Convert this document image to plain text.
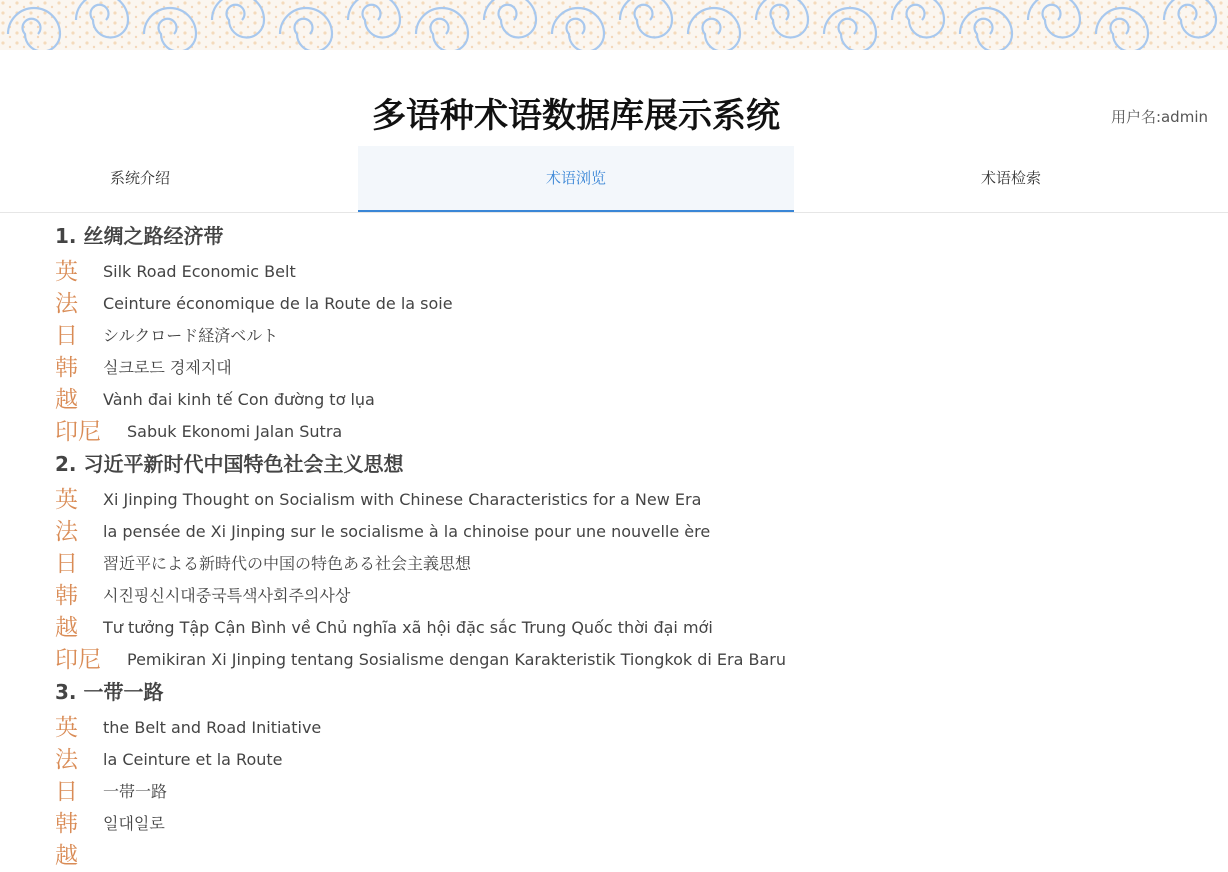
多语种术语数据库展示系统	用户名:admin
系统介绍	术语浏览	术语检索
1. 丝绸之路经济带
英	Silk Road Economic Belt
法	Ceinture économique de la Route de la soie
日	シルクロード経済ベルト
韩	실크로드 경제지대
越	Vành đai kinh tế Con đường tơ lụa
印尼	Sabuk Ekonomi Jalan Sutra
2. 习近平新时代中国特色社会主义思想
英	Xi Jinping Thought on Socialism with Chinese Characteristics for a New Era
法	la pensée de Xi Jinping sur le socialisme à la chinoise pour une nouvelle ère
日	習近平による新時代の中国の特色ある社会主義思想
韩	시진핑신시대중국특색사회주의사상
越	Tư tưởng Tập Cận Bình về Chủ nghĩa xã hội đặc sắc Trung Quốc thời đại mới
印尼	Pemikiran Xi Jinping tentang Sosialisme dengan Karakteristik Tiongkok di Era Baru
3. 一带一路
英	the Belt and Road Initiative
法	la Ceinture et la Route
日	一帯一路
韩	일대일로
越
